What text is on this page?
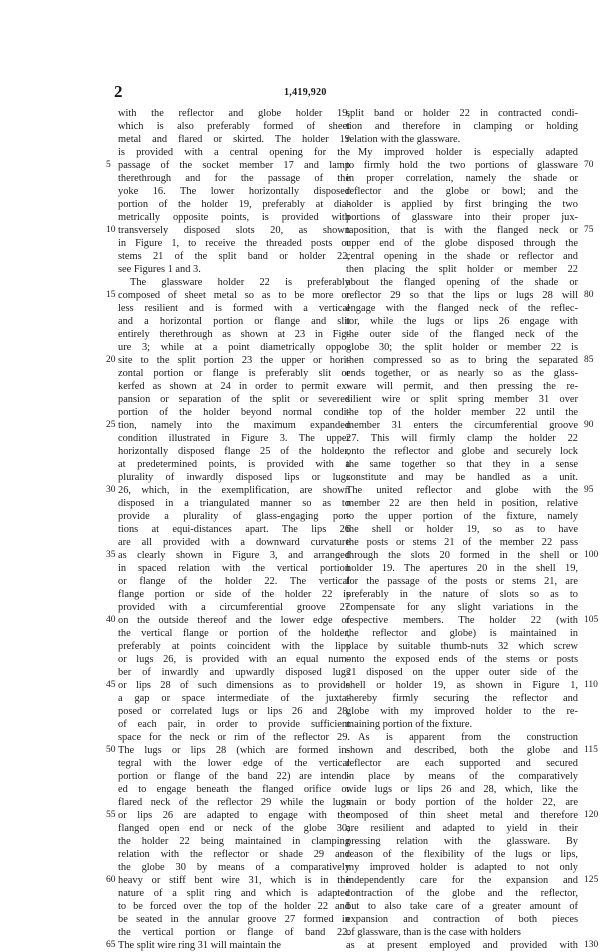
2	1,419,920
with the reflector and globe holder 19,
which is also preferably formed of sheet
metal and flared or skirted. The holder 19
is provided with a central opening for the
passage of the socket member 17 and lamp
therethrough and for the passage of the
yoke 16. The lower horizontally disposed
portion of the holder 19, preferably at dia-
metrically opposite points, is provided with
transversely disposed slots 20, as shown
in Figure 1, to receive the threaded posts or
stems 21 of the split band or holder 22,
see Figures 1 and 3.
The glassware holder 22 is preferably
composed of sheet metal so as to be more or
less resilient and is formed with a vertical
and a horizontal portion or flange and slit
entirely therethrough as shown at 23 in Fig-
ure 3; while at a point diametrically oppo-
site to the split portion 23 the upper or hori-
zontal portion or flange is preferably slit or
kerfed as shown at 24 in order to permit ex-
pansion or separation of the split or severed
portion of the holder beyond normal condi-
tion, namely into the maximum expanded
condition illustrated in Figure 3. The upper
horizontally disposed flange 25 of the holder,
at predetermined points, is provided with a
plurality of inwardly disposed lips or lugs
26, which, in the exemplification, are shown
disposed in a triangulated manner so as to
provide a plurality of glass-engaging por-
tions at equi-distances apart. The lips 26
are all provided with a downward curvature
as clearly shown in Figure 3, and arranged
in spaced relation with the vertical portion
or flange of the holder 22. The vertical
flange portion or side of the holder 22 is
provided with a circumferential groove 27
on the outside thereof and the lower edge of
the vertical flange or portion of the holder,
preferably at points coincident with the lips
or lugs 26, is provided with an equal num-
ber of inwardly and upwardly disposed lugs
or lips 28 of such dimensions as to provide
a gap or space intermediate of the juxta-
posed or correlated lugs or lips 26 and 28,
of each pair, in order to provide sufficient
space for the neck or rim of the reflector 29.
The lugs or lips 28 (which are formed in-
tegral with the lower edge of the vertical
portion or flange of the band 22) are intend-
ed to engage beneath the flanged orifice or
flared neck of the reflector 29 while the lugs
or lips 26 are adapted to engage with the
flanged open end or neck of the globe 30;
the holder 22 being maintained in clamping
relation with the reflector or shade 29 and
the globe 30 by means of a comparatively
heavy or stiff bent wire 31, which is in the
nature of a split ring and which is adapted
to be forced over the top of the holder 22 and
be seated in the annular groove 27 formed in
the vertical portion or flange of band 22.
The split wire ring 31 will maintain the
split band or holder 22 in contracted condi-
tion and therefore in clamping or holding
relation with the glassware.
My improved holder is especially adapted
to firmly hold the two portions of glassware
in proper correlation, namely the shade or
reflector and the globe or bowl; and the
holder is applied by first bringing the two
portions of glassware into their proper jux-
taposition, that is with the flanged neck or
upper end of the globe disposed through the
central opening in the shade or reflector and
then placing the split holder or member 22
about the flanged opening of the shade or
reflector 29 so that the lips or lugs 28 will
engage with the flanged neck of the reflec-
tor, while the lugs or lips 26 engage with
the outer side of the flanged neck of the
globe 30; the split holder or member 22 is
then compressed so as to bring the separated
ends together, or as nearly so as the glass-
ware will permit, and then pressing the re-
silient wire or split spring member 31 over
the top of the holder member 22 until the
member 31 enters the circumferential groove
27. This will firmly clamp the holder 22
onto the reflector and globe and securely lock
the same together so that they in a sense
constitute and may be handled as a unit.
The united reflector and globe with the
member 22 are then held in position, relative
to the upper portion of the fixture, namely
the shell or holder 19, so as to have
the posts or stems 21 of the member 22 pass
through the slots 20 formed in the shell or
holder 19. The apertures 20 in the shell 19,
for the passage of the posts or stems 21, are
preferably in the nature of slots so as to
compensate for any slight variations in the
respective members. The holder 22 (with
the reflector and globe) is maintained in
place by suitable thumb-nuts 32 which screw
onto the exposed ends of the stems or posts
21 disposed on the upper outer side of the
shell or holder 19, as shown in Figure 1,
thereby firmly securing the reflector and
globe with my improved holder to the re-
maining portion of the fixture.
As is apparent from the construction
shown and described, both the globe and
reflector are each supported and secured
in place by means of the comparatively
wide lugs or lips 26 and 28, which, like the
main or body portion of the holder 22, are
composed of thin sheet metal and therefore
are resilient and adapted to yield in their
pressing relation with the glassware. By
reason of the flexibility of the lugs or lips,
my improved holder is adapted to not only
independently care for the expansion and
contraction of the globe and the reflector,
but to also take care of a greater amount of
expansion and contraction of both pieces
of glassware, than is the case with holders
as at present employed and provided with
5
10
15
20
25
30
35
40
45
50
55
60
65
70
75
80
85
90
95
100
105
110
115
120
125
130
